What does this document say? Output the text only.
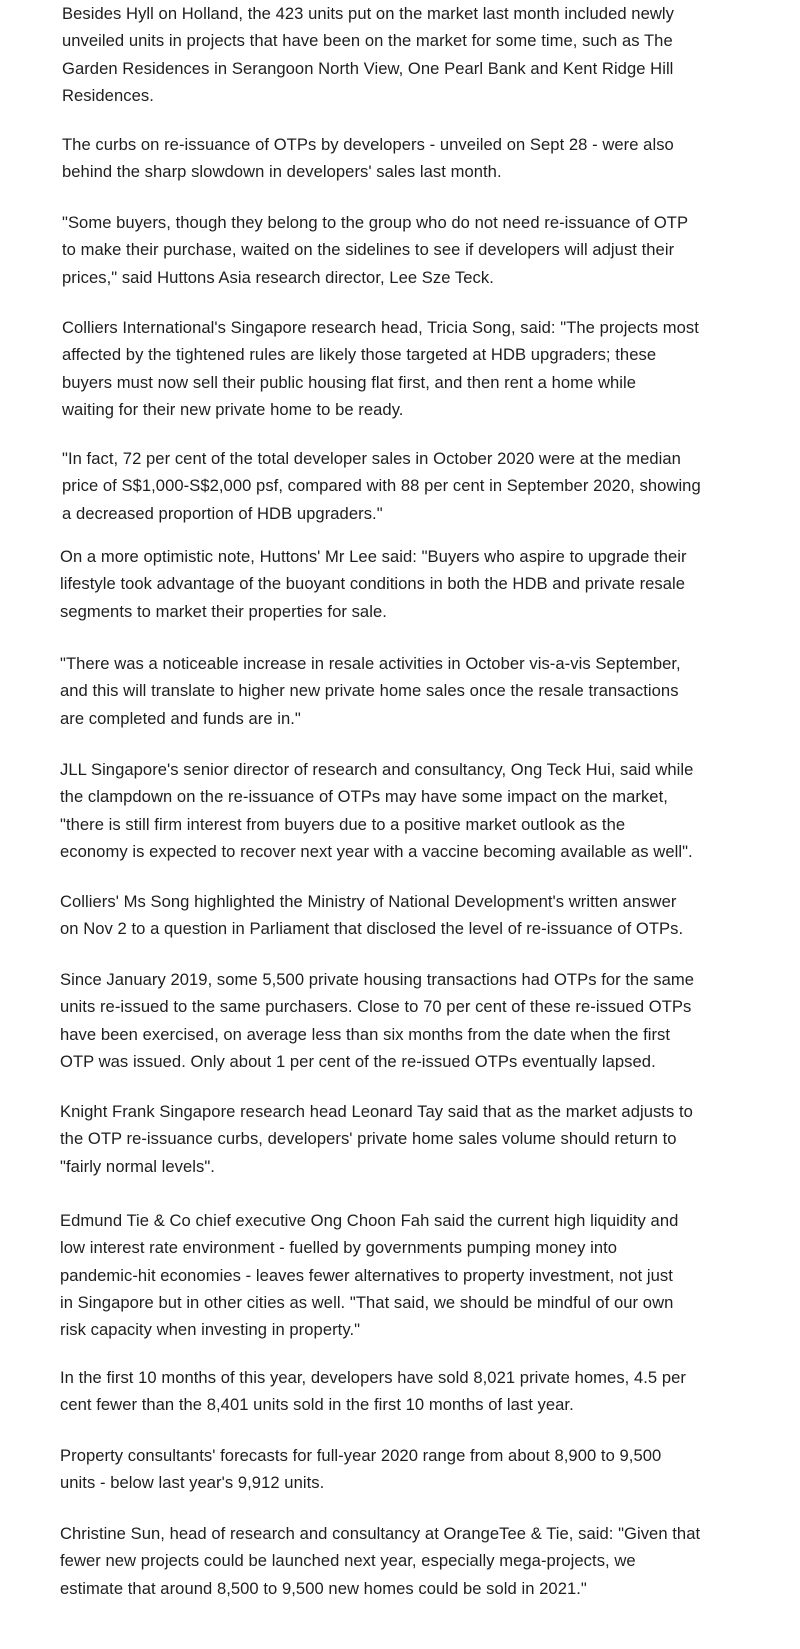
Besides Hyll on Holland, the 423 units put on the market last month included newly
unveiled units in projects that have been on the market for some time, such as The
Garden Residences in Serangoon North View, One Pearl Bank and Kent Ridge Hill
Residences.

The curbs on re-issuance of OTPs by developers - unveiled on Sept 28 - were also
behind the sharp slowdown in developers' sales last month.

"Some buyers, though they belong to the group who do not need re-issuance of OTP
to make their purchase, waited on the sidelines to see if developers will adjust their
prices," said Huttons Asia research director, Lee Sze Teck.

Colliers International's Singapore research head, Tricia Song, said: "The projects most
affected by the tightened rules are likely those targeted at HDB upgraders; these
buyers must now sell their public housing flat first, and then rent a home while
waiting for their new private home to be ready.

"In fact, 72 per cent of the total developer sales in October 2020 were at the median
price of S$1,000-S$2,000 psf, compared with 88 per cent in September 2020, showing
a decreased proportion of HDB upgraders."

On a more optimistic note, Huttons' Mr Lee said: "Buyers who aspire to upgrade their
lifestyle took advantage of the buoyant conditions in both the HDB and private resale
segments to market their properties for sale.

"There was a noticeable increase in resale activities in October vis-a-vis September,
and this will translate to higher new private home sales once the resale transactions
are completed and funds are in."

JLL Singapore's senior director of research and consultancy, Ong Teck Hui, said while
the clampdown on the re-issuance of OTPs may have some impact on the market,
"there is still firm interest from buyers due to a positive market outlook as the
economy is expected to recover next year with a vaccine becoming available as well".

Colliers' Ms Song highlighted the Ministry of National Development's written answer
on Nov 2 to a question in Parliament that disclosed the level of re-issuance of OTPs.

Since January 2019, some 5,500 private housing transactions had OTPs for the same
units re-issued to the same purchasers. Close to 70 per cent of these re-issued OTPs
have been exercised, on average less than six months from the date when the first
OTP was issued. Only about 1 per cent of the re-issued OTPs eventually lapsed.

Knight Frank Singapore research head Leonard Tay said that as the market adjusts to
the OTP re-issuance curbs, developers' private home sales volume should return to
"fairly normal levels".

Edmund Tie & Co chief executive Ong Choon Fah said the current high liquidity and
low interest rate environment - fuelled by governments pumping money into
pandemic-hit economies - leaves fewer alternatives to property investment, not just
in Singapore but in other cities as well. "That said, we should be mindful of our own
risk capacity when investing in property."

In the first 10 months of this year, developers have sold 8,021 private homes, 4.5 per
cent fewer than the 8,401 units sold in the first 10 months of last year.

Property consultants' forecasts for full-year 2020 range from about 8,900 to 9,500
units - below last year's 9,912 units.

Christine Sun, head of research and consultancy at OrangeTee & Tie, said: "Given that
fewer new projects could be launched next year, especially mega-projects, we
estimate that around 8,500 to 9,500 new homes could be sold in 2021."
